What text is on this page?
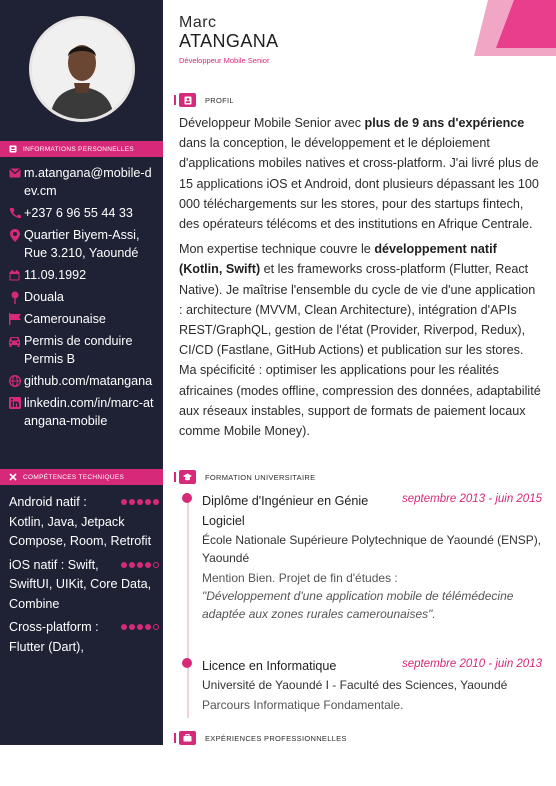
INFORMATIONS PERSONNELLES
m.atangana@mobile-dev.cm
+237 6 96 55 44 33
Quartier Biyem-Assi, Rue 3.210, Yaoundé
11.09.1992
Douala
Camerounaise
Permis de conduire Permis B
github.com/matangana
linkedin.com/in/marc-atangana-mobile
COMPÉTENCES TECHNIQUES
Android natif : Kotlin, Java, Jetpack Compose, Room, Retrofit
iOS natif : Swift, SwiftUI, UIKit, Core Data, Combine
Cross-platform : Flutter (Dart),
Marc
ATANGANA
Développeur Mobile Senior
PROFIL

Développeur Mobile Senior avec plus de 9 ans d'expérience dans la conception, le développement et le déploiement d'applications mobiles natives et cross-platform. J'ai livré plus de 15 applications iOS et Android, dont plusieurs dépassant les 100 000 téléchargements sur les stores, pour des startups fintech, des opérateurs télécoms et des institutions en Afrique Centrale.

Mon expertise technique couvre le développement natif (Kotlin, Swift) et les frameworks cross-platform (Flutter, React Native). Je maîtrise l'ensemble du cycle de vie d'une application : architecture (MVVM, Clean Architecture), intégration d'APIs REST/GraphQL, gestion de l'état (Provider, Riverpod, Redux), CI/CD (Fastlane, GitHub Actions) et publication sur les stores. Ma spécificité : optimiser les applications pour les réalités africaines (modes offline, compression des données, adaptabilité aux réseaux instables, support de formats de paiement locaux comme Mobile Money).

FORMATION UNIVERSITAIRE
Diplôme d'Ingénieur en Génie Logiciel
septembre 2013 - juin 2015
École Nationale Supérieure Polytechnique de Yaoundé (ENSP), Yaoundé
Mention Bien. Projet de fin d'études :
"Développement d'une application mobile de télémédecine adaptée aux zones rurales camerounaises".
Licence en Informatique	septembre 2010 - juin 2013
Université de Yaoundé I - Faculté des Sciences, Yaoundé
Parcours Informatique Fondamentale.
EXPÉRIENCES PROFESSIONNELLES
